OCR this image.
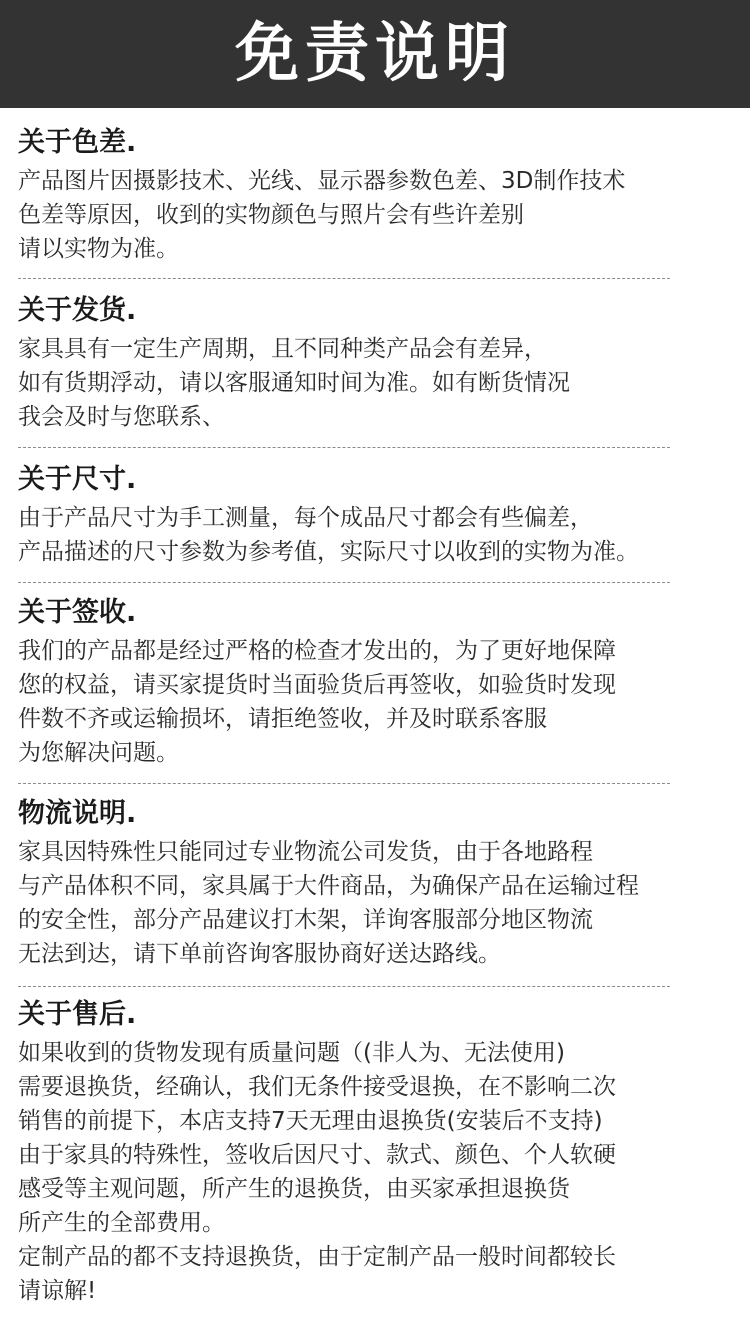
免责说明
关于色差.
产品图片因摄影技术、光线、显示器参数色差、3D制作技术
色差等原因，收到的实物颜色与照片会有些许差别
请以实物为准。
关于发货.
家具具有一定生产周期，且不同种类产品会有差异，
如有货期浮动，请以客服通知时间为准。如有断货情况
我会及时与您联系、
关于尺寸.
由于产品尺寸为手工测量，每个成品尺寸都会有些偏差，
产品描述的尺寸参数为参考值，实际尺寸以收到的实物为准。
关于签收.
我们的产品都是经过严格的检查才发出的，为了更好地保障
您的权益，请买家提货时当面验货后再签收，如验货时发现
件数不齐或运输损坏，请拒绝签收，并及时联系客服
为您解决问题。
物流说明.
家具因特殊性只能同过专业物流公司发货，由于各地路程
与产品体积不同，家具属于大件商品，为确保产品在运输过程
的安全性，部分产品建议打木架，详询客服部分地区物流
无法到达，请下单前咨询客服协商好送达路线。
关于售后.
如果收到的货物发现有质量问题（(非人为、无法使用)
需要退换货，经确认，我们无条件接受退换，在不影响二次
销售的前提下，本店支持7天无理由退换货(安装后不支持)
由于家具的特殊性，签收后因尺寸、款式、颜色、个人软硬
感受等主观问题，所产生的退换货，由买家承担退换货
所产生的全部费用。
定制产品的都不支持退换货，由于定制产品一般时间都较长
请谅解!
